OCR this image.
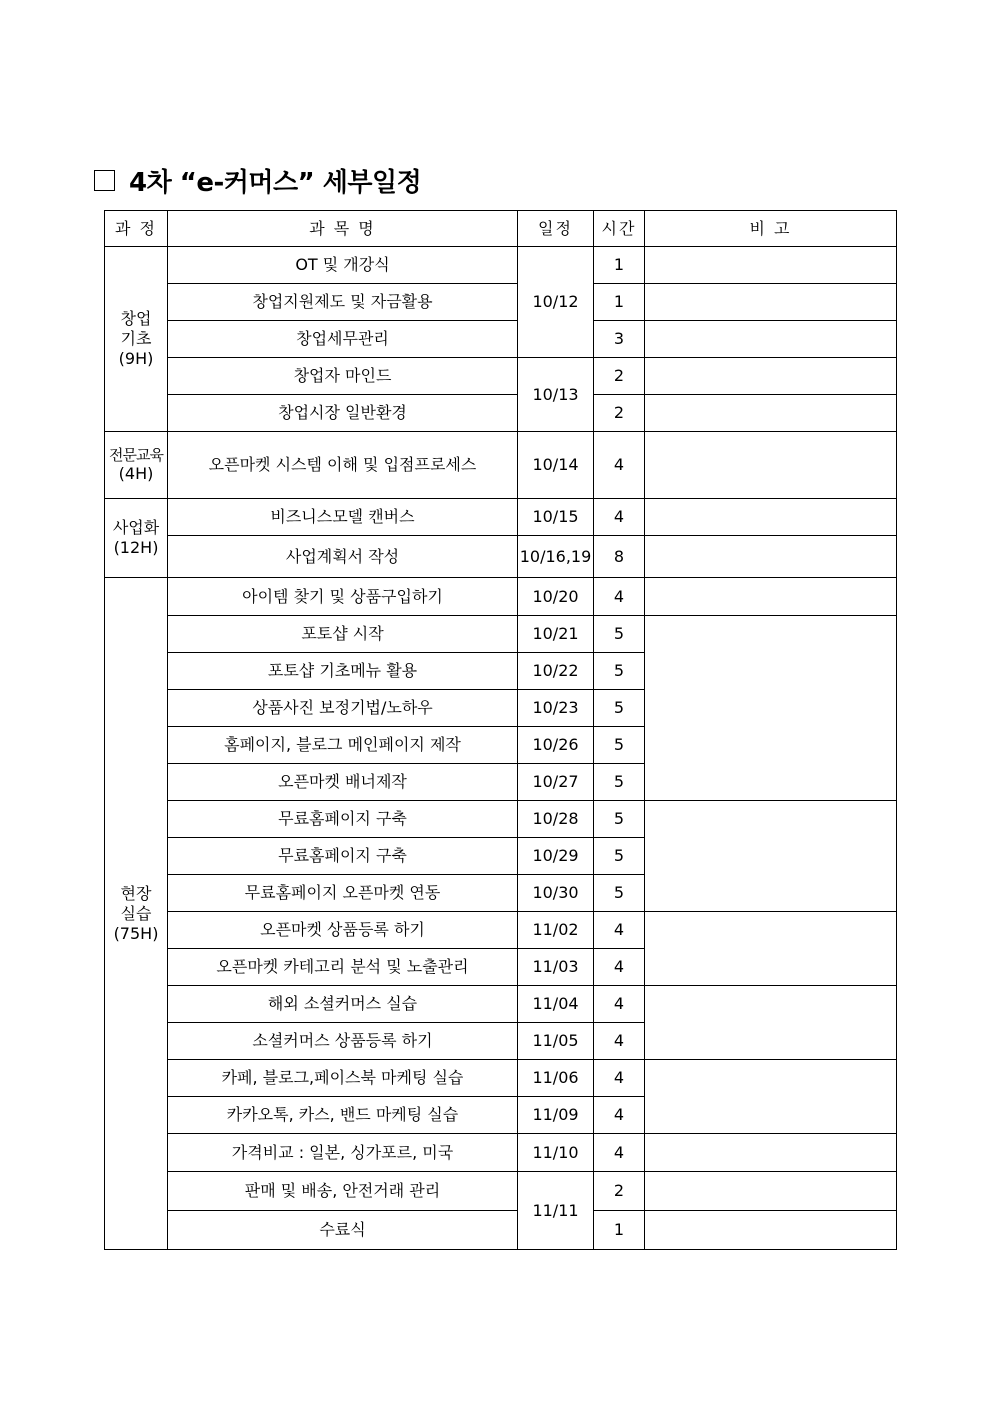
4차 “e-커머스” 세부일정
과 정	과 목 명	일정	시간	비 고

창업
기초
(9H)	OT 및 개강식	10/12	1	
	창업지원제도 및 자금활용		1	
	창업세무관리		3	
	창업자 마인드	10/13	2	
	창업시장 일반환경		2	

전문교육
(4H)	오픈마켓 시스템 이해 및 입점프로세스	10/14	4	

사업화
(12H)	비즈니스모델 캔버스	10/15	4	
	사업계획서 작성	10/16,19	8	

현장
실습
(75H)	아이템 찾기 및 상품구입하기	10/20	4	
	포토샵 시작	10/21	5	
	포토샵 기초메뉴 활용	10/22	5	
	상품사진 보정기법/노하우	10/23	5	
	홈페이지, 블로그 메인페이지 제작	10/26	5	
	오픈마켓 배너제작	10/27	5	
	무료홈페이지 구축	10/28	5	
	무료홈페이지 구축	10/29	5	
	무료홈페이지 오픈마켓 연동	10/30	5	
	오픈마켓 상품등록 하기	11/02	4	
	오픈마켓 카테고리 분석 및 노출관리	11/03	4	
	해외 소셜커머스 실습	11/04	4	
	소셜커머스 상품등록 하기	11/05	4	
	카페, 블로그,페이스북 마케팅 실습	11/06	4	
	카카오톡, 카스, 밴드 마케팅 실습	11/09	4	
	가격비교 : 일본, 싱가포르, 미국	11/10	4	
	판매 및 배송, 안전거래 관리	11/11	2	
	수료식		1	
